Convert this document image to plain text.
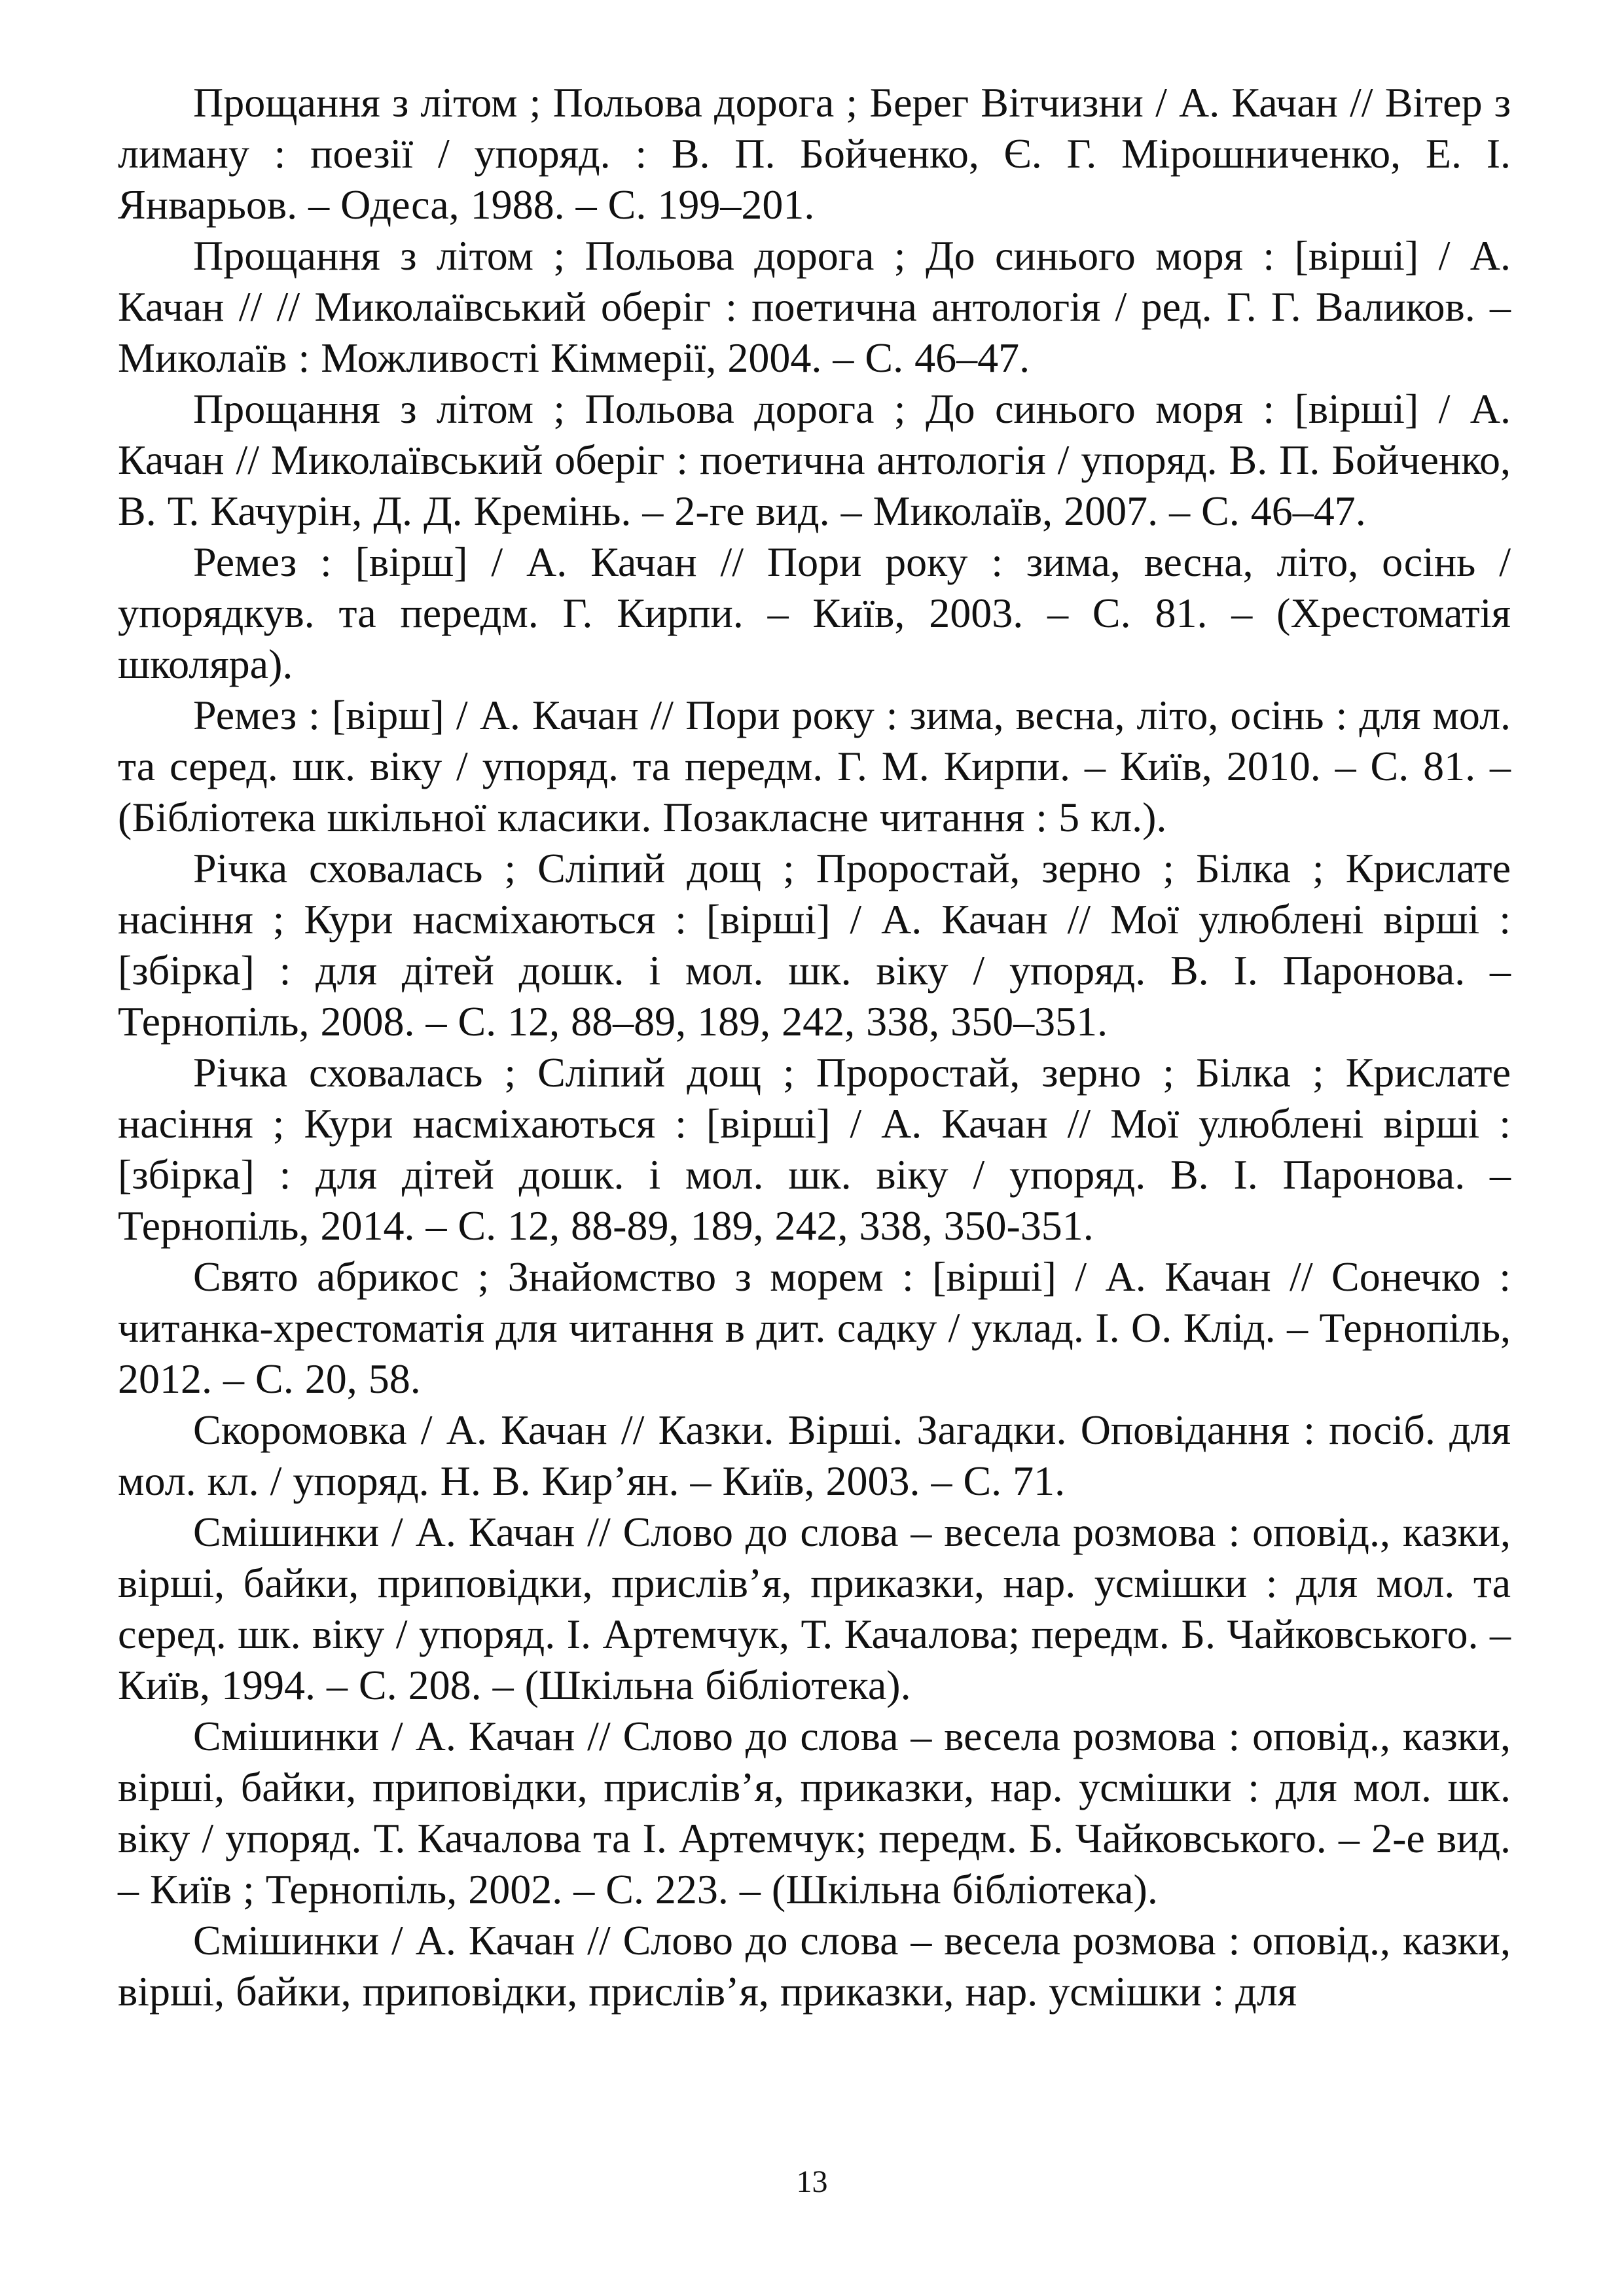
Прощання з літом ; Польова дорога ; Берег Вітчизни / А. Качан // Вітер з лиману : поезії / упоряд. : В. П. Бойченко, Є. Г. Мірошниченко, Е. І. Январьов. – Одеса, 1988. – С. 199–201.

Прощання з літом ; Польова дорога ; До синього моря : [вірші] / А. Качан // // Миколаївський оберіг : поетична антологія / ред. Г. Г. Валиков. – Миколаїв : Можливості Кіммерії, 2004. – С. 46–47.

Прощання з літом ; Польова дорога ; До синього моря : [вірші] / А. Качан // Миколаївський оберіг : поетична антологія / упоряд. В. П. Бойченко, В. Т. Качурін, Д. Д. Кремінь. – 2-ге вид. – Миколаїв, 2007. – С. 46–47.

Ремез : [вірш] / А. Качан // Пори року : зима, весна, літо, осінь / упорядкув. та передм. Г. Кирпи. – Київ, 2003. – С. 81. – (Хрестоматія школяра).

Ремез : [вірш] / А. Качан // Пори року : зима, весна, літо, осінь : для мол. та серед. шк. віку / упоряд. та передм. Г. М. Кирпи. – Київ, 2010. – С. 81. – (Бібліотека шкільної класики. Позакласне читання : 5 кл.).

Річка сховалась ; Сліпий дощ ; Проростай, зерно ; Білка ; Крислате насіння ; Кури насміхаються : [вірші] / А. Качан // Мої улюблені вірші : [збірка] : для дітей дошк. і мол. шк. віку / упоряд. В. І. Паронова. – Тернопіль, 2008. – С. 12, 88–89, 189, 242, 338, 350–351.

Річка сховалась ; Сліпий дощ ; Проростай, зерно ; Білка ; Крислате насіння ; Кури насміхаються : [вірші] / А. Качан // Мої улюблені вірші : [збірка] : для дітей дошк. і мол. шк. віку / упоряд. В. І. Паронова. – Тернопіль, 2014. – С. 12, 88-89, 189, 242, 338, 350-351.

Свято абрикос ; Знайомство з морем : [вірші] / А. Качан // Сонечко : читанка-хрестоматія для читання в дит. садку / уклад. І. О. Клід. – Тернопіль, 2012. – С. 20, 58.

Скоромовка / А. Качан // Казки. Вірші. Загадки. Оповідання : посіб. для мол. кл. / упоряд. Н. В. Кир’ян. – Київ, 2003. – С. 71.

Смішинки / А. Качан // Слово до слова – весела розмова : оповід., казки, вірші, байки, приповідки, прислів’я, приказки, нар. усмішки : для мол. та серед. шк. віку / упоряд. І. Артемчук, Т. Качалова; передм. Б. Чайковського. – Київ, 1994. – С. 208. – (Шкільна бібліотека).

Смішинки / А. Качан // Слово до слова – весела розмова : оповід., казки, вірші, байки, приповідки, прислів’я, приказки, нар. усмішки : для мол. шк. віку / упоряд. Т. Качалова та І. Артемчук; передм. Б. Чайковського. – 2-е вид. – Київ ; Тернопіль, 2002. – С. 223. – (Шкільна бібліотека).

Смішинки / А. Качан // Слово до слова – весела розмова : оповід., казки, вірші, байки, приповідки, прислів’я, приказки, нар. усмішки : для

13
